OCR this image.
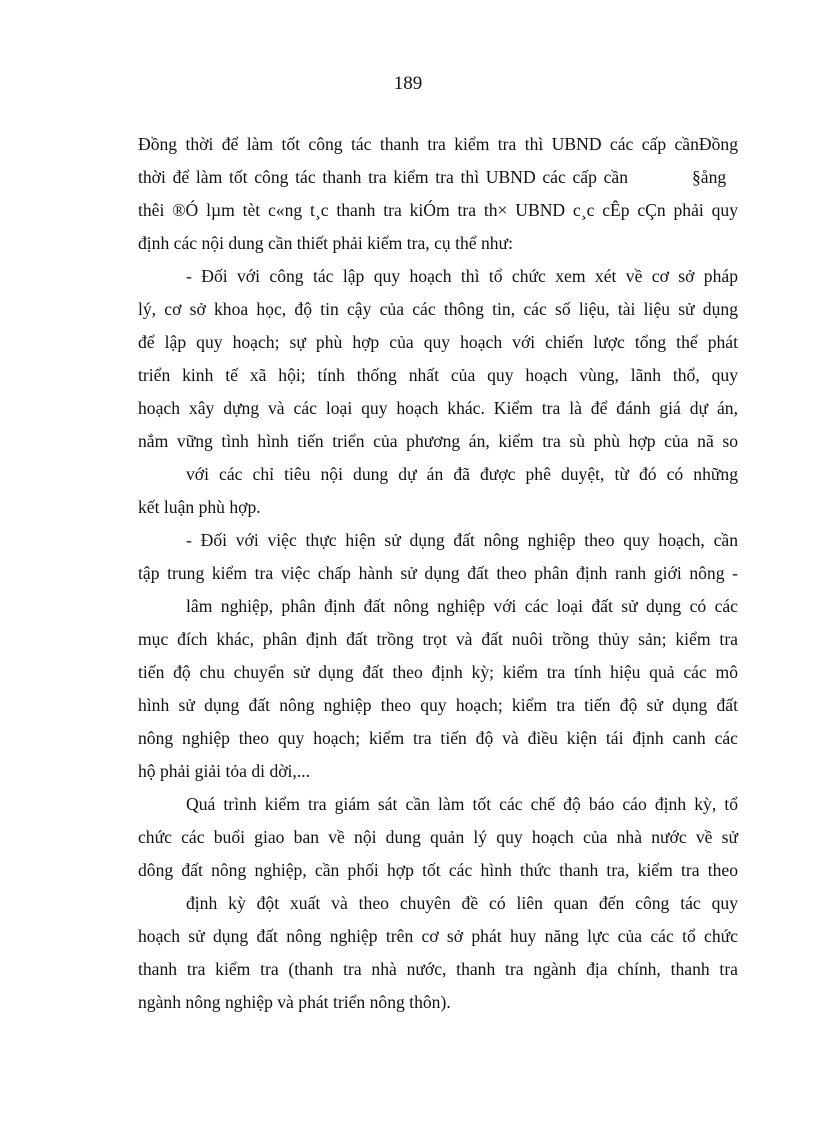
189
Đồng thời để làm tốt công tác thanh tra kiểm tra thì UBND các cấp cầnĐồng
thời để làm tốt công tác thanh tra kiểm tra thì UBND các cấp cần	§ång
thêi ®Ó lµm tèt c«ng t¸c thanh tra kiÓm tra th× UBND c¸c cÊp cÇn phải quy
định các nội dung cần thiết phải kiểm tra, cụ thể như:
- Đối với công tác lập quy hoạch thì tổ chức xem xét về cơ sở pháp
lý, cơ sở khoa học, độ tin cậy của các thông tin, các số liệu, tài liệu sử dụng
để lập quy hoạch; sự phù hợp của quy hoạch với chiến lược tổng thể phát
triển kinh tế xã hội; tính thống nhất của quy hoạch vùng, lãnh thổ, quy
hoạch xây dựng và các loại quy hoạch khác. Kiểm tra là để đánh giá dự án,
nắm vững tình hình tiến triển của phương án, kiểm tra sù phù hợp của nã so
với các chỉ tiêu nội dung dự án đã được phê duyệt, từ đó có những
kết luận phù hợp.
- Đối với việc thực hiện sử dụng đất nông nghiệp theo quy hoạch, cần
tập trung kiểm tra việc chấp hành sử dụng đất theo phân định ranh giới nông -
lâm nghiệp, phân định đất nông nghiệp với các loại đất sử dụng có các
mục đích khác, phân định đất trồng trọt và đất nuôi trồng thủy sản; kiểm tra
tiến độ chu chuyển sử dụng đất theo định kỳ; kiểm tra tính hiệu quả các mô
hình sử dụng đất nông nghiệp theo quy hoạch; kiểm tra tiến độ sử dụng đất
nông nghiệp theo quy hoạch; kiểm tra tiến độ và điều kiện tái định canh các
hộ phải giải tỏa di dời,...
Quá trình kiểm tra giám sát cần làm tốt các chế độ báo cáo định kỳ, tổ
chức các buổi giao ban về nội dung quản lý quy hoạch của nhà nước về sử
dông đất nông nghiệp, cần phối hợp tốt các hình thức thanh tra, kiểm tra theo
định kỳ đột xuất và theo chuyên đề có liên quan đến công tác quy
hoạch sử dụng đất nông nghiệp trên cơ sở phát huy năng lực của các tổ chức
thanh tra kiểm tra (thanh tra nhà nước, thanh tra ngành địa chính, thanh tra
ngành nông nghiệp và phát triển nông thôn).
